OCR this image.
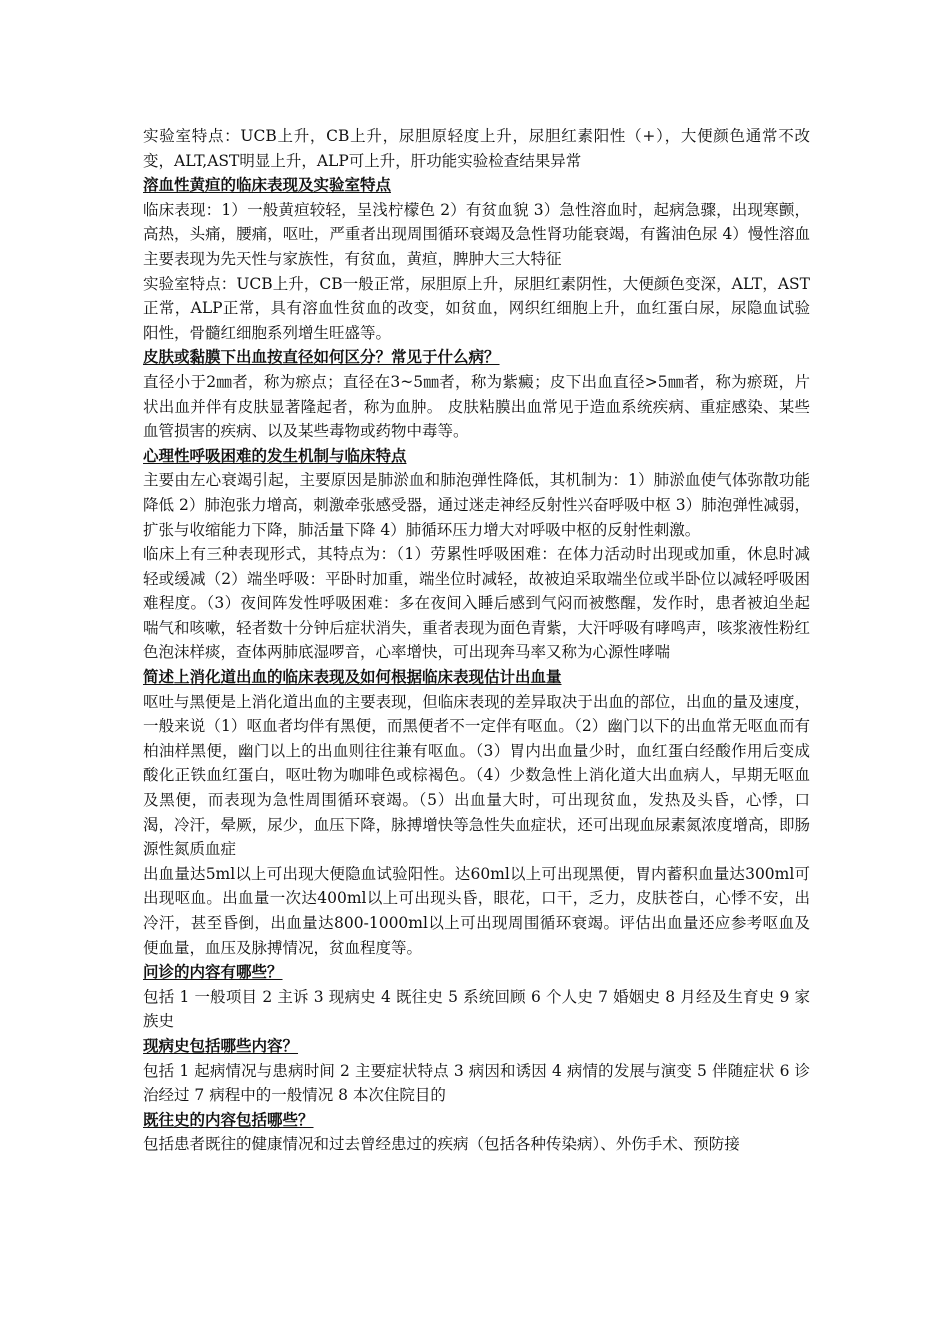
实验室特点：UCB上升，CB上升，尿胆原轻度上升，尿胆红素阳性（+），大便颜色通常不改变，ALT,AST明显上升，ALP可上升，肝功能实验检查结果异常

溶血性黄疸的临床表现及实验室特点

临床表现：1）一般黄疸较轻，呈浅柠檬色 2）有贫血貌 3）急性溶血时，起病急骤，出现寒颤，高热，头痛，腰痛，呕吐，严重者出现周围循环衰竭及急性肾功能衰竭，有酱油色尿 4）慢性溶血主要表现为先天性与家族性，有贫血，黄疸，脾肿大三大特征

实验室特点：UCB上升，CB一般正常，尿胆原上升，尿胆红素阴性，大便颜色变深，ALT，AST正常，ALP正常，具有溶血性贫血的改变，如贫血，网织红细胞上升，血红蛋白尿，尿隐血试验阳性，骨髓红细胞系列增生旺盛等。

皮肤或黏膜下出血按直径如何区分？常见于什么病？

直径小于2㎜者，称为瘀点；直径在3~5㎜者，称为紫癜；皮下出血直径>5㎜者，称为瘀斑，片状出血并伴有皮肤显著隆起者，称为血肿。 皮肤粘膜出血常见于造血系统疾病、重症感染、某些血管损害的疾病、以及某些毒物或药物中毒等。

心理性呼吸困难的发生机制与临床特点

主要由左心衰竭引起，主要原因是肺淤血和肺泡弹性降低，其机制为：1）肺淤血使气体弥散功能降低 2）肺泡张力增高，刺激牵张感受器，通过迷走神经反射性兴奋呼吸中枢 3）肺泡弹性减弱，扩张与收缩能力下降，肺活量下降 4）肺循环压力增大对呼吸中枢的反射性刺激。

临床上有三种表现形式，其特点为：（1）劳累性呼吸困难：在体力活动时出现或加重，休息时减轻或缓减（2）端坐呼吸：平卧时加重，端坐位时减轻，故被迫采取端坐位或半卧位以减轻呼吸困难程度。（3）夜间阵发性呼吸困难：多在夜间入睡后感到气闷而被憋醒，发作时，患者被迫坐起喘气和咳嗽，轻者数十分钟后症状消失，重者表现为面色青紫，大汗呼吸有哮鸣声，咳浆液性粉红色泡沫样痰，查体两肺底湿啰音，心率增快，可出现奔马率又称为心源性哮喘

简述上消化道出血的临床表现及如何根据临床表现估计出血量

呕吐与黑便是上消化道出血的主要表现，但临床表现的差异取决于出血的部位，出血的量及速度，一般来说（1）呕血者均伴有黑便，而黑便者不一定伴有呕血。（2）幽门以下的出血常无呕血而有柏油样黑便，幽门以上的出血则往往兼有呕血。（3）胃内出血量少时，血红蛋白经酸作用后变成酸化正铁血红蛋白，呕吐物为咖啡色或棕褐色。（4）少数急性上消化道大出血病人，早期无呕血及黑便，而表现为急性周围循环衰竭。（5）出血量大时，可出现贫血，发热及头昏，心悸，口渴，冷汗，晕厥，尿少，血压下降，脉搏增快等急性失血症状，还可出现血尿素氮浓度增高，即肠源性氮质血症

出血量达5ml以上可出现大便隐血试验阳性。达60ml以上可出现黑便，胃内蓄积血量达300ml可出现呕血。出血量一次达400ml以上可出现头昏，眼花，口干，乏力，皮肤苍白，心悸不安，出冷汗，甚至昏倒，出血量达800-1000ml以上可出现周围循环衰竭。评估出血量还应参考呕血及便血量，血压及脉搏情况，贫血程度等。

问诊的内容有哪些？

包括 1 一般项目 2 主诉 3 现病史 4 既往史 5 系统回顾 6 个人史 7 婚姻史 8 月经及生育史 9 家族史

现病史包括哪些内容？

包括 1 起病情况与患病时间 2 主要症状特点 3 病因和诱因 4 病情的发展与演变 5 伴随症状 6 诊治经过 7 病程中的一般情况 8 本次住院目的

既往史的内容包括哪些？

包括患者既往的健康情况和过去曾经患过的疾病（包括各种传染病）、外伤手术、预防接
